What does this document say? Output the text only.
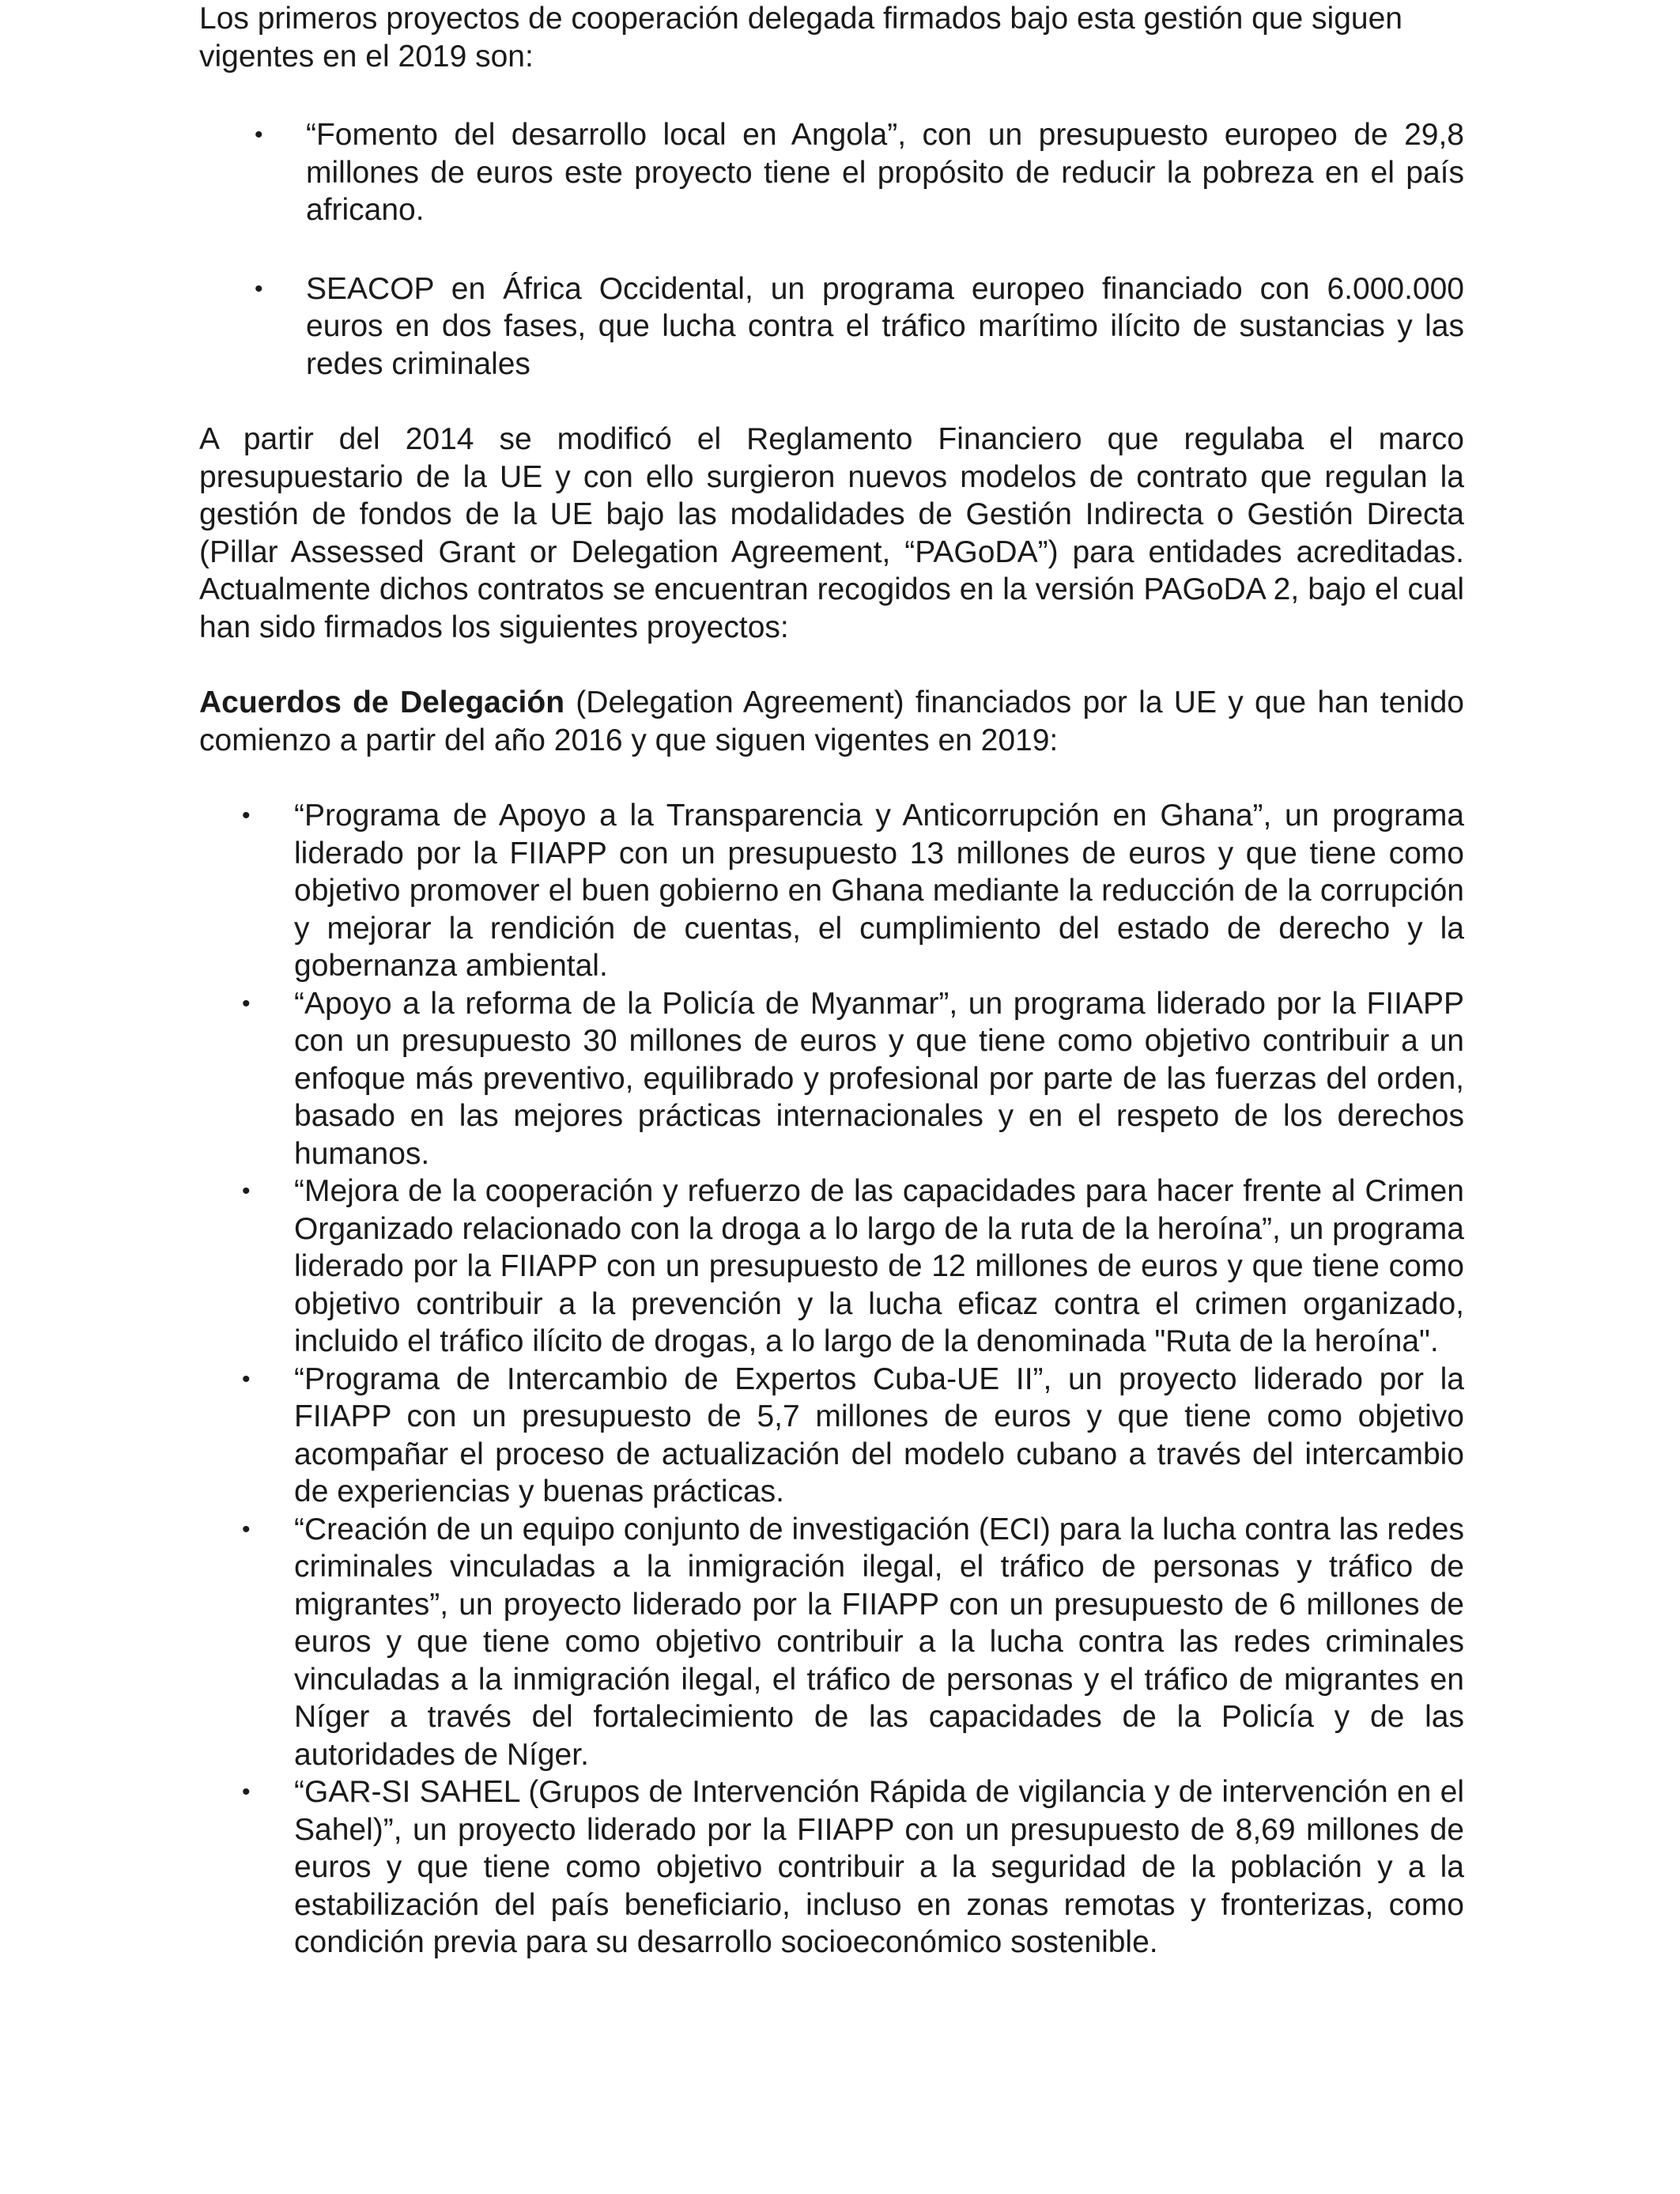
Los primeros proyectos de cooperación delegada firmados bajo esta gestión que siguen vigentes en el 2019 son:

• “Fomento del desarrollo local en Angola”, con un presupuesto europeo de 29,8 millones de euros este proyecto tiene el propósito de reducir la pobreza en el país africano.
• SEACOP en África Occidental, un programa europeo financiado con 6.000.000 euros en dos fases, que lucha contra el tráfico marítimo ilícito de sustancias y las redes criminales

A partir del 2014 se modificó el Reglamento Financiero que regulaba el marco presupuestario de la UE y con ello surgieron nuevos modelos de contrato que regulan la gestión de fondos de la UE bajo las modalidades de Gestión Indirecta o Gestión Directa (Pillar Assessed Grant or Delegation Agreement, “PAGoDA”) para entidades acreditadas. Actualmente dichos contratos se encuentran recogidos en la versión PAGoDA 2, bajo el cual han sido firmados los siguientes proyectos:

Acuerdos de Delegación (Delegation Agreement) financiados por la UE y que han tenido comienzo a partir del año 2016 y que siguen vigentes en 2019:

• “Programa de Apoyo a la Transparencia y Anticorrupción en Ghana”, un programa liderado por la FIIAPP con un presupuesto 13 millones de euros y que tiene como objetivo promover el buen gobierno en Ghana mediante la reducción de la corrupción y mejorar la rendición de cuentas, el cumplimiento del estado de derecho y la gobernanza ambiental.
• “Apoyo a la reforma de la Policía de Myanmar”, un programa liderado por la FIIAPP con un presupuesto 30 millones de euros y que tiene como objetivo contribuir a un enfoque más preventivo, equilibrado y profesional por parte de las fuerzas del orden, basado en las mejores prácticas internacionales y en el respeto de los derechos humanos.
• “Mejora de la cooperación y refuerzo de las capacidades para hacer frente al Crimen Organizado relacionado con la droga a lo largo de la ruta de la heroína”, un programa liderado por la FIIAPP con un presupuesto de 12 millones de euros y que tiene como objetivo contribuir a la prevención y la lucha eficaz contra el crimen organizado, incluido el tráfico ilícito de drogas, a lo largo de la denominada "Ruta de la heroína".
• “Programa de Intercambio de Expertos Cuba-UE II”, un proyecto liderado por la FIIAPP con un presupuesto de 5,7 millones de euros y que tiene como objetivo acompañar el proceso de actualización del modelo cubano a través del intercambio de experiencias y buenas prácticas.
• “Creación de un equipo conjunto de investigación (ECI) para la lucha contra las redes criminales vinculadas a la inmigración ilegal, el tráfico de personas y tráfico de migrantes”, un proyecto liderado por la FIIAPP con un presupuesto de 6 millones de euros y que tiene como objetivo contribuir a la lucha contra las redes criminales vinculadas a la inmigración ilegal, el tráfico de personas y el tráfico de migrantes en Níger a través del fortalecimiento de las capacidades de la Policía y de las autoridades de Níger.
• “GAR-SI SAHEL (Grupos de Intervención Rápida de vigilancia y de intervención en el Sahel)”, un proyecto liderado por la FIIAPP con un presupuesto de 8,69 millones de euros y que tiene como objetivo contribuir a la seguridad de la población y a la estabilización del país beneficiario, incluso en zonas remotas y fronterizas, como condición previa para su desarrollo socioeconómico sostenible.
